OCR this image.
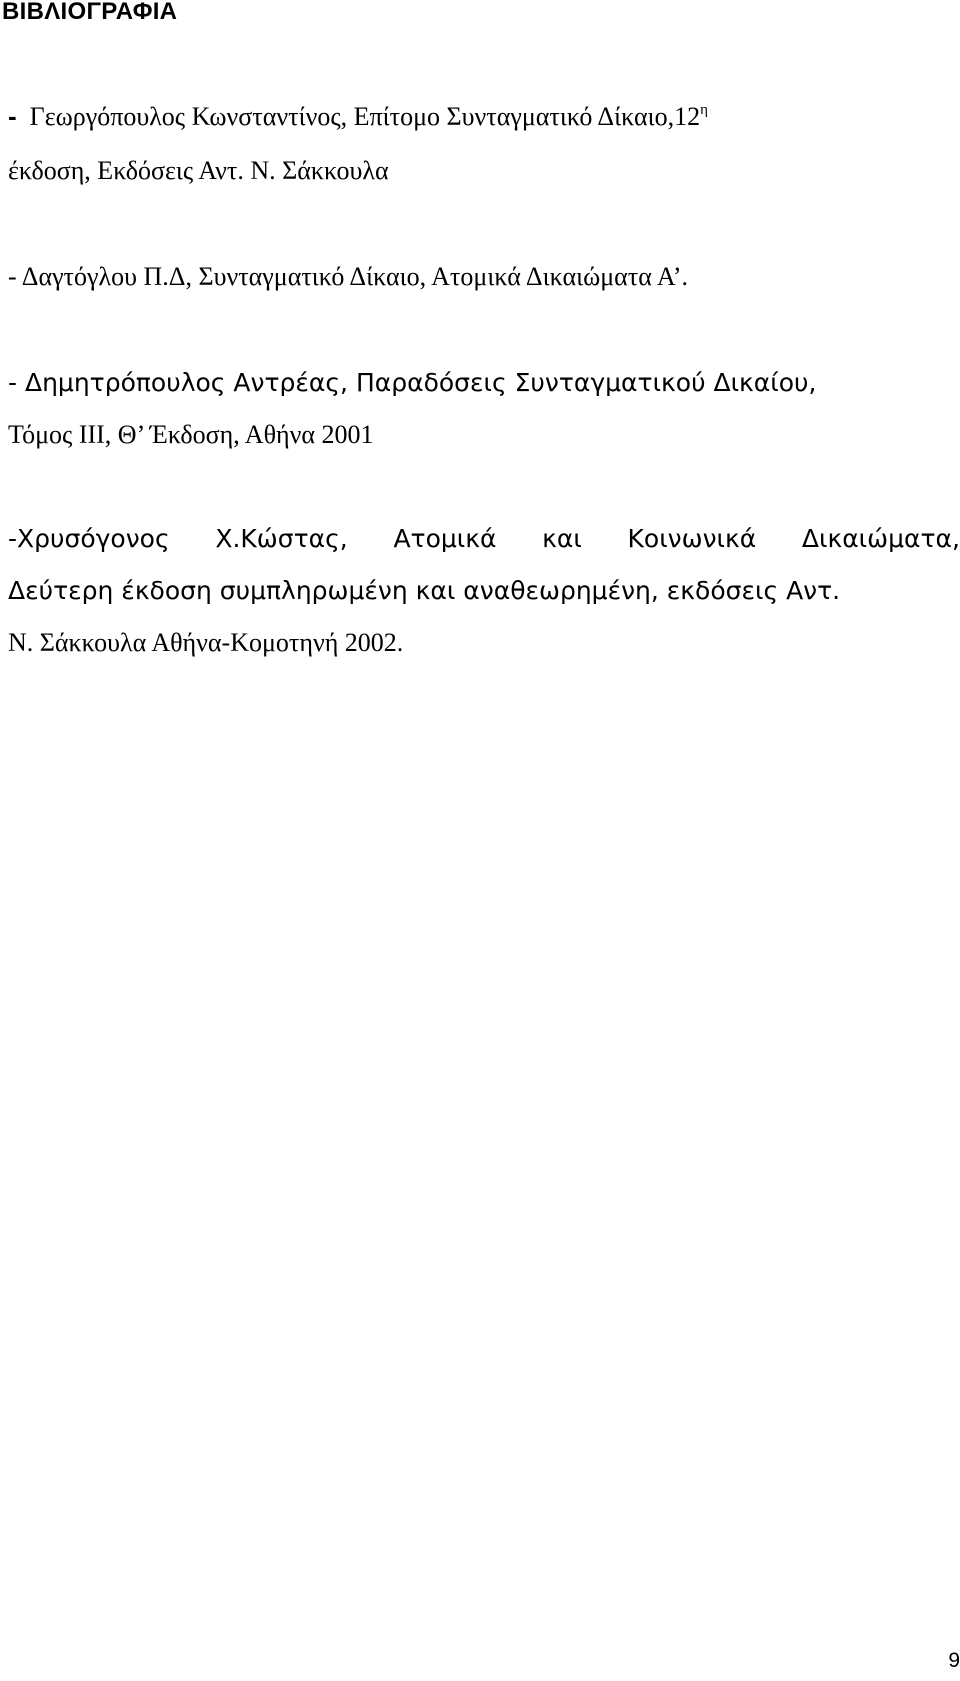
ΒΙΒΛΙΟΓΡΑΦΙΑ
- Γεωργόπουλος Κωνσταντίνος, Επίτομο Συνταγματικό $\Delta ί\kappa\alpha\iota o,12^\eta$
έκδοση, Εκδόσεις Αντ. Ν. Σάκκουλα
- Δαγτόγλου Π.Δ, Συνταγματικό Δίκαιο, Ατομικά Δικαιώματα Α’.
- Δημητρόπουλος Αντρέας, Παραδόσεις Συνταγματικού Δικαίου,
Τόμος ΙΙΙ, Θ’ Έκδοση, Αθήνα 2001
-Χρυσόγονος Χ.Κώστας, Ατομικά και Κοινωνικά Δικαιώματα,
Δεύτερη έκδοση συμπληρωμένη και αναθεωρημένη, εκδόσεις Αντ.
Ν. Σάκκουλα Αθήνα-Κομοτηνή 2002.
9
